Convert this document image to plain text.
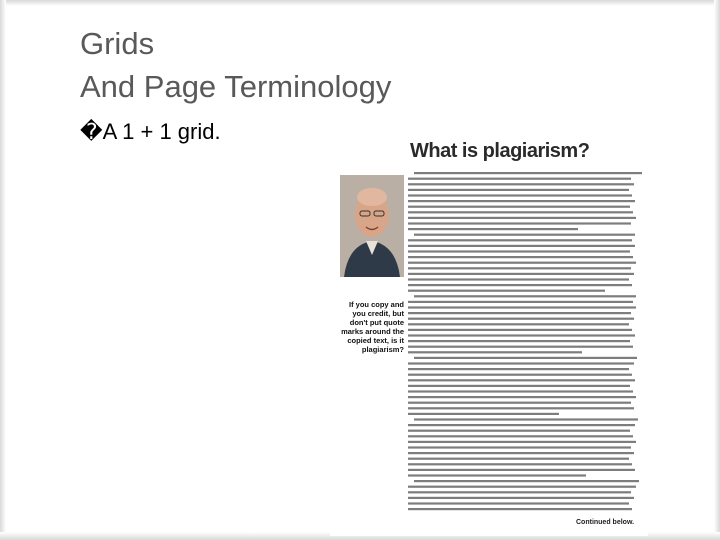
Grids
And Page Terminology
�A 1 + 1 grid.
What is plagiarism?
If you copy and
you credit, but
don't put quote
marks around the
copied text, is it
plagiarism?
Continued below.
